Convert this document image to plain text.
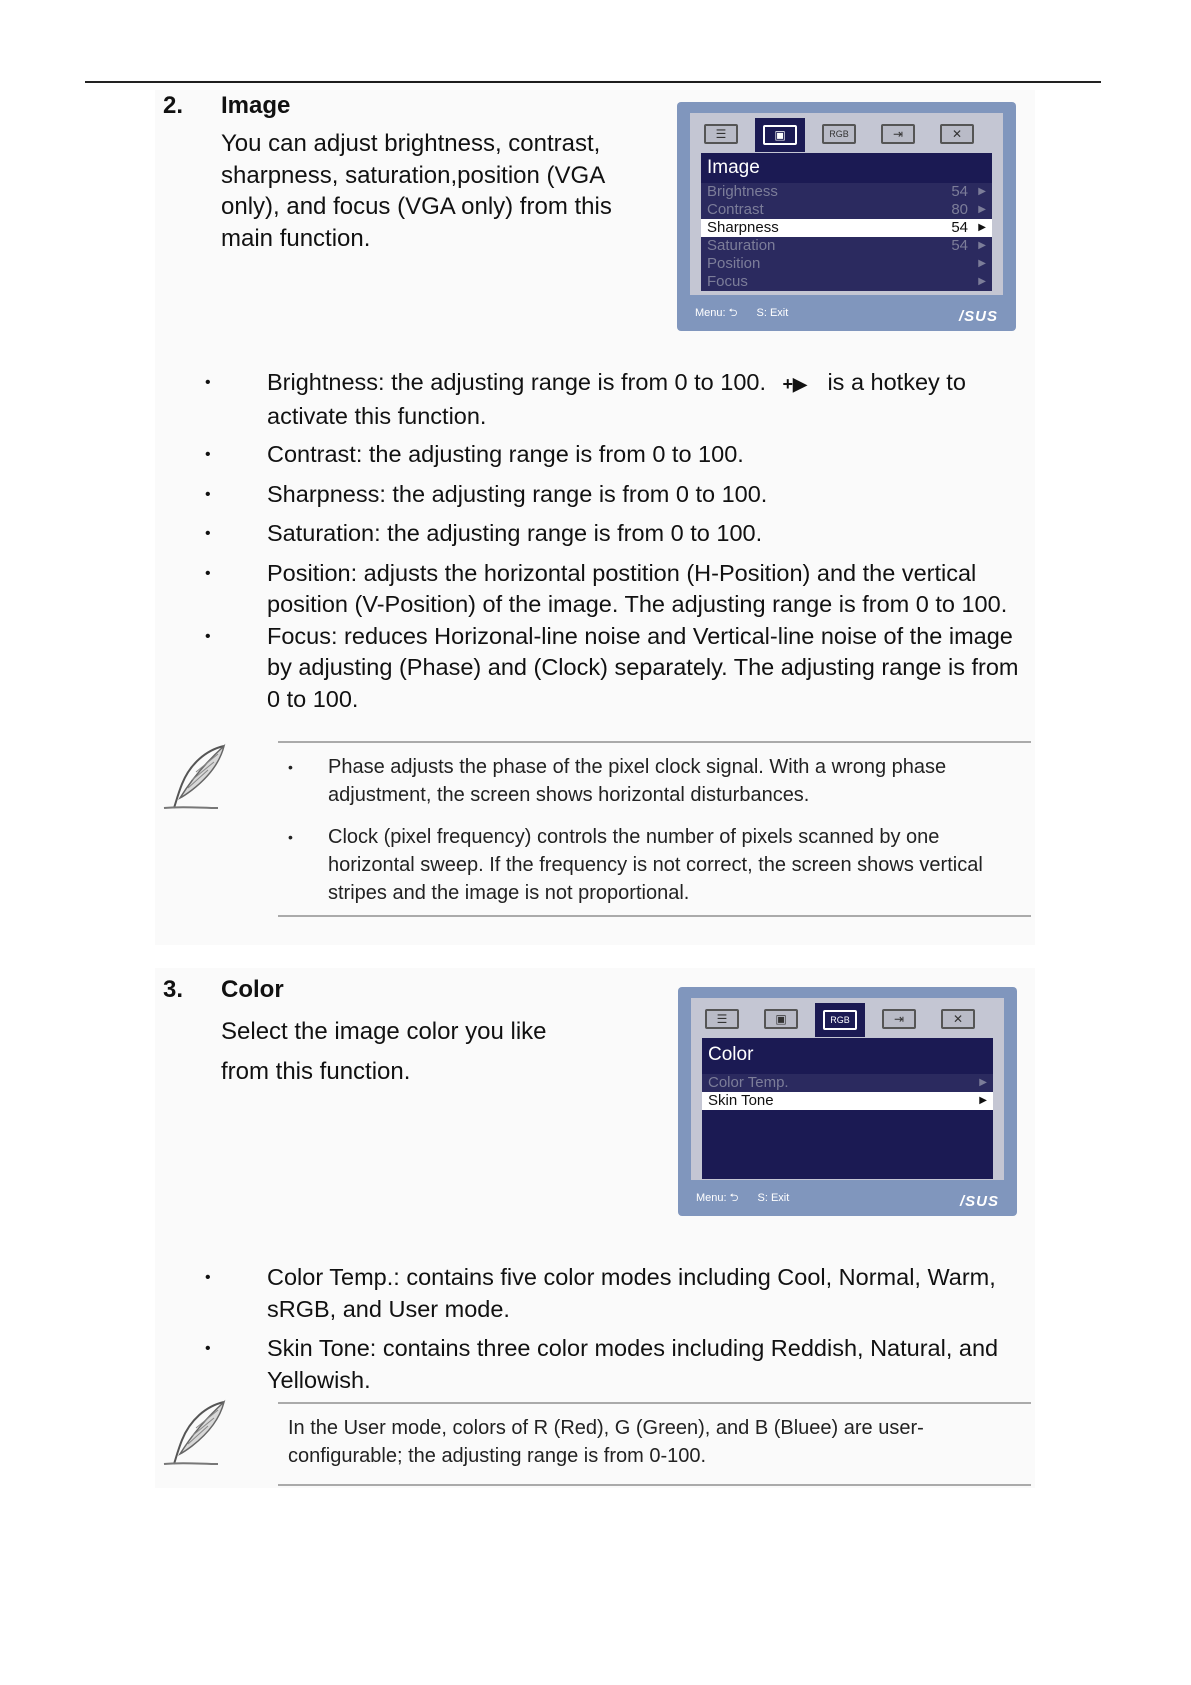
2. Image
You can adjust brightness, contrast, sharpness, saturation,position (VGA only), and focus (VGA only) from this main function.
☰	▣	RGB	⇥	✕
Image
Brightness	54 ▶
Contrast	80 ▶
Sharpness	54 ▶
Saturation	54 ▶
Position	▶
Focus	▶
Menu: ⮌ S: Exit	/SUS
• Brightness: the adjusting range is from 0 to 100. +▶ is a hotkey to activate this function.
• Contrast: the adjusting range is from 0 to 100.
• Sharpness: the adjusting range is from 0 to 100.
• Saturation: the adjusting range is from 0 to 100.
• Position: adjusts the horizontal postition (H-Position) and the vertical position (V-Position) of the image. The adjusting range is from 0 to 100.
• Focus: reduces Horizonal-line noise and Vertical-line noise of the image by adjusting (Phase) and (Clock) separately. The adjusting range is from 0 to 100.
• Phase adjusts the phase of the pixel clock signal. With a wrong phase adjustment, the screen shows horizontal disturbances.
• Clock (pixel frequency) controls the number of pixels scanned by one horizontal sweep. If the frequency is not correct, the screen shows vertical stripes and the image is not proportional.
3. Color
Select the image color you like from this function.
☰	▣	RGB	⇥	✕
Color
Color Temp.	▶
Skin Tone	▶
Menu: ⮌ S: Exit	/SUS
• Color Temp.: contains five color modes including Cool, Normal, Warm, sRGB, and User mode.
• Skin Tone: contains three color modes including Reddish, Natural, and Yellowish.

In the User mode, colors of R (Red), G (Green), and B (Bluee) are user-configurable; the adjusting range is from 0-100.
